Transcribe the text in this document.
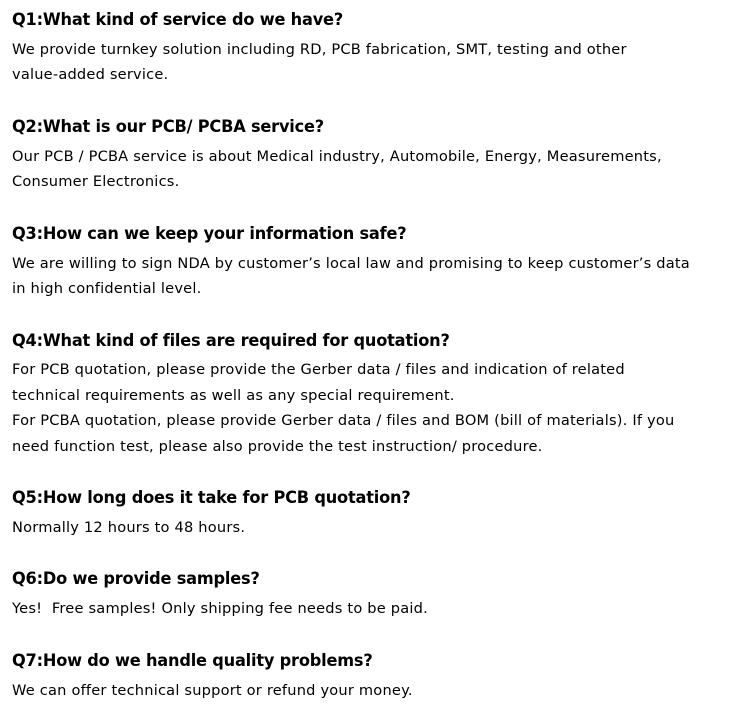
Q1:What kind of service do we have?

We provide turnkey solution including RD, PCB fabrication, SMT, testing and other

value-added service.

Q2:What is our PCB/ PCBA service?

Our PCB / PCBA service is about Medical industry, Automobile, Energy, Measurements,

Consumer Electronics.

Q3:How can we keep your information safe?

We are willing to sign NDA by customer’s local law and promising to keep customer’s data

in high confidential level.

Q4:What kind of files are required for quotation?

For PCB quotation, please provide the Gerber data / files and indication of related

technical requirements as well as any special requirement.

For PCBA quotation, please provide Gerber data / files and BOM (bill of materials). If you

need function test, please also provide the test instruction/ procedure.

Q5:How long does it take for PCB quotation?

Normally 12 hours to 48 hours.

Q6:Do we provide samples?

Yes!  Free samples! Only shipping fee needs to be paid.

Q7:How do we handle quality problems?

We can offer technical support or refund your money.
